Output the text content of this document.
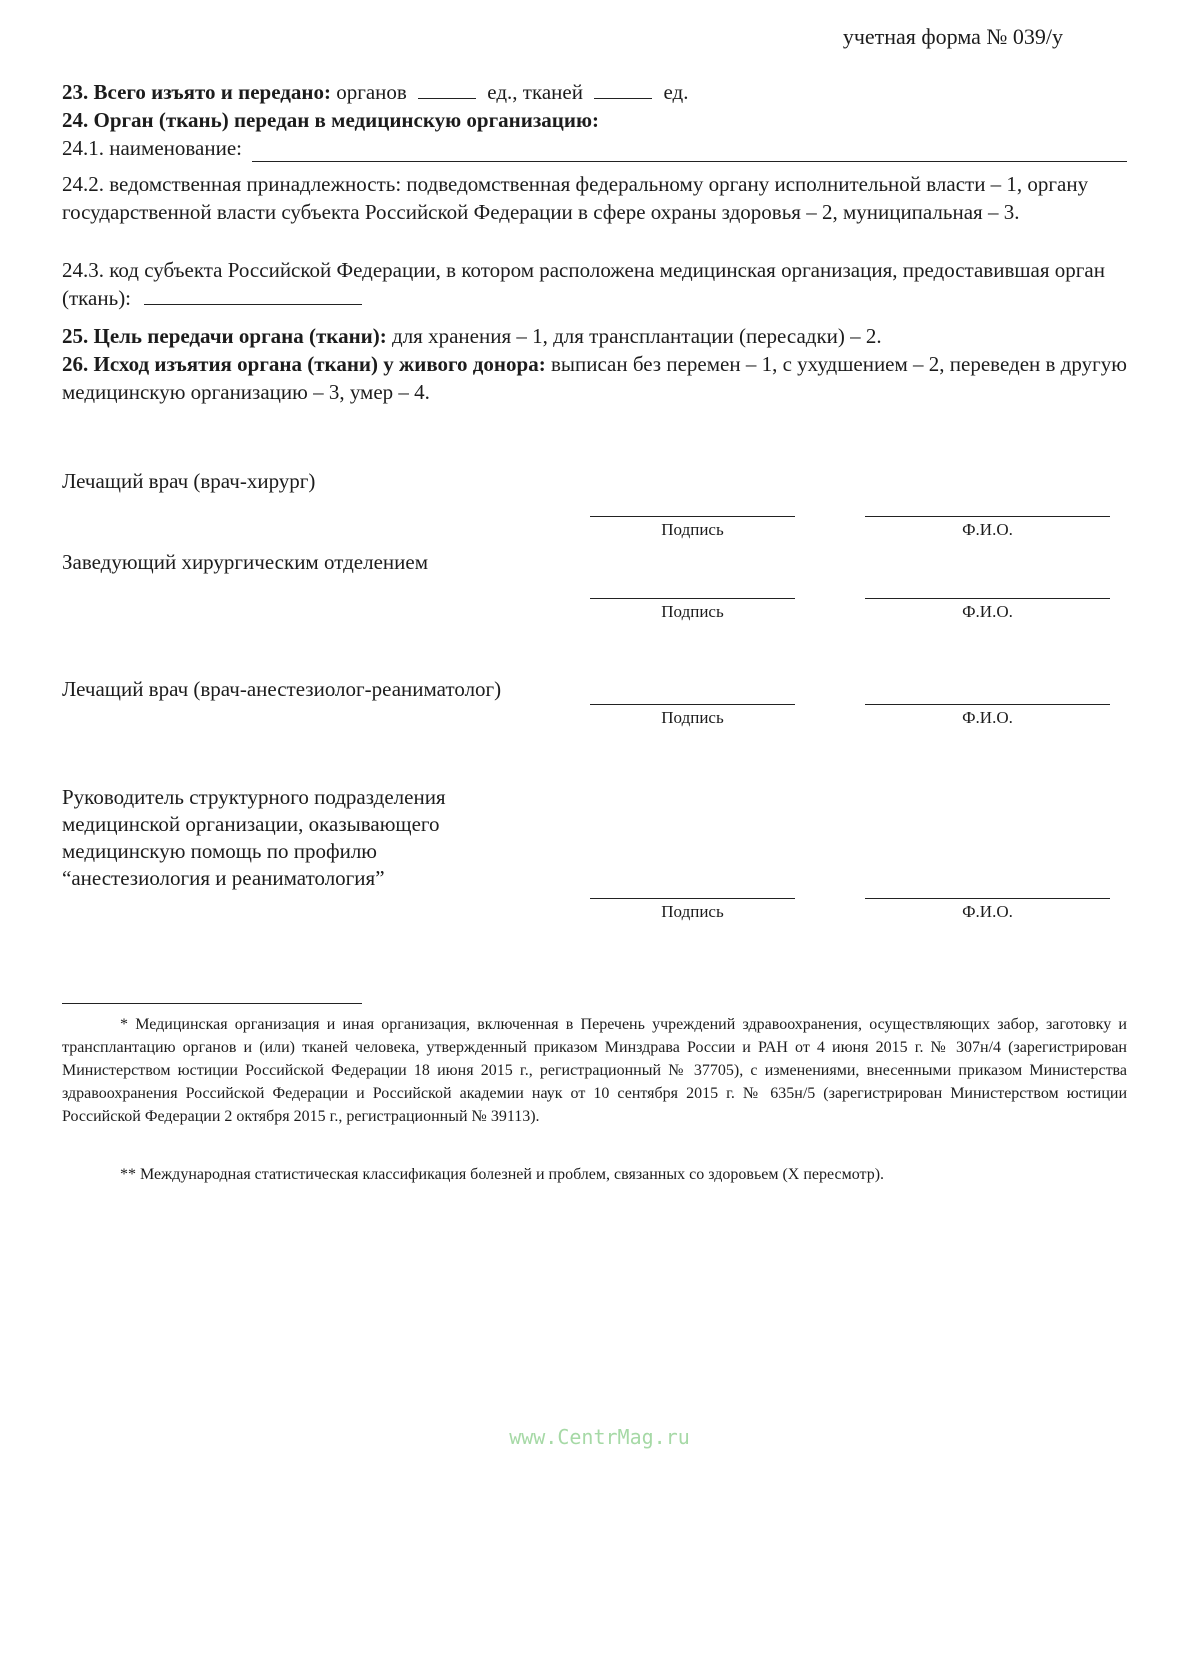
учетная форма № 039/у
23. Всего изъято и передано: органов	ед., тканей	ед.
24. Орган (ткань) передан в медицинскую организацию:
24.1. наименование:
24.2. ведомственная принадлежность: подведомственная федеральному органу исполнительной власти – 1, органу государственной власти субъекта Российской Федерации в сфере охраны здоровья – 2, муниципальная – 3.
24.3. код субъекта Российской Федерации, в котором расположена медицинская организация, предоставившая орган (ткань):
25. Цель передачи органа (ткани): для хранения – 1, для трансплантации (пересадки) – 2.
26. Исход изъятия органа (ткани) у живого донора: выписан без перемен – 1, с ухудшением – 2, переведен в другую медицинскую организацию – 3, умер – 4.
Лечащий врач (врач-хирург)
Подпись	Ф.И.О.
Заведующий хирургическим отделением
Подпись	Ф.И.О.
Лечащий врач (врач-анестезиолог-реаниматолог)
Подпись	Ф.И.О.
Руководитель структурного подразделения
медицинской организации, оказывающего
медицинскую помощь по профилю
“анестезиология и реаниматология”
Подпись	Ф.И.О.
* Медицинская организация и иная организация, включенная в Перечень учреждений здравоохранения, осуществляющих забор, заготовку и трансплантацию органов и (или) тканей человека, утвержденный приказом Минздрава России и РАН от 4 июня 2015 г. № 307н/4 (зарегистрирован Министерством юстиции Российской Федерации 18 июня 2015 г., регистрационный № 37705), с изменениями, внесенными приказом Министерства здравоохранения Российской Федерации и Российской академии наук от 10 сентября 2015 г. № 635н/5 (зарегистрирован Министерством юстиции Российской Федерации 2 октября 2015 г., регистрационный № 39113).
** Международная статистическая классификация болезней и проблем, связанных со здоровьем (X пересмотр).
www.CentrMag.ru
